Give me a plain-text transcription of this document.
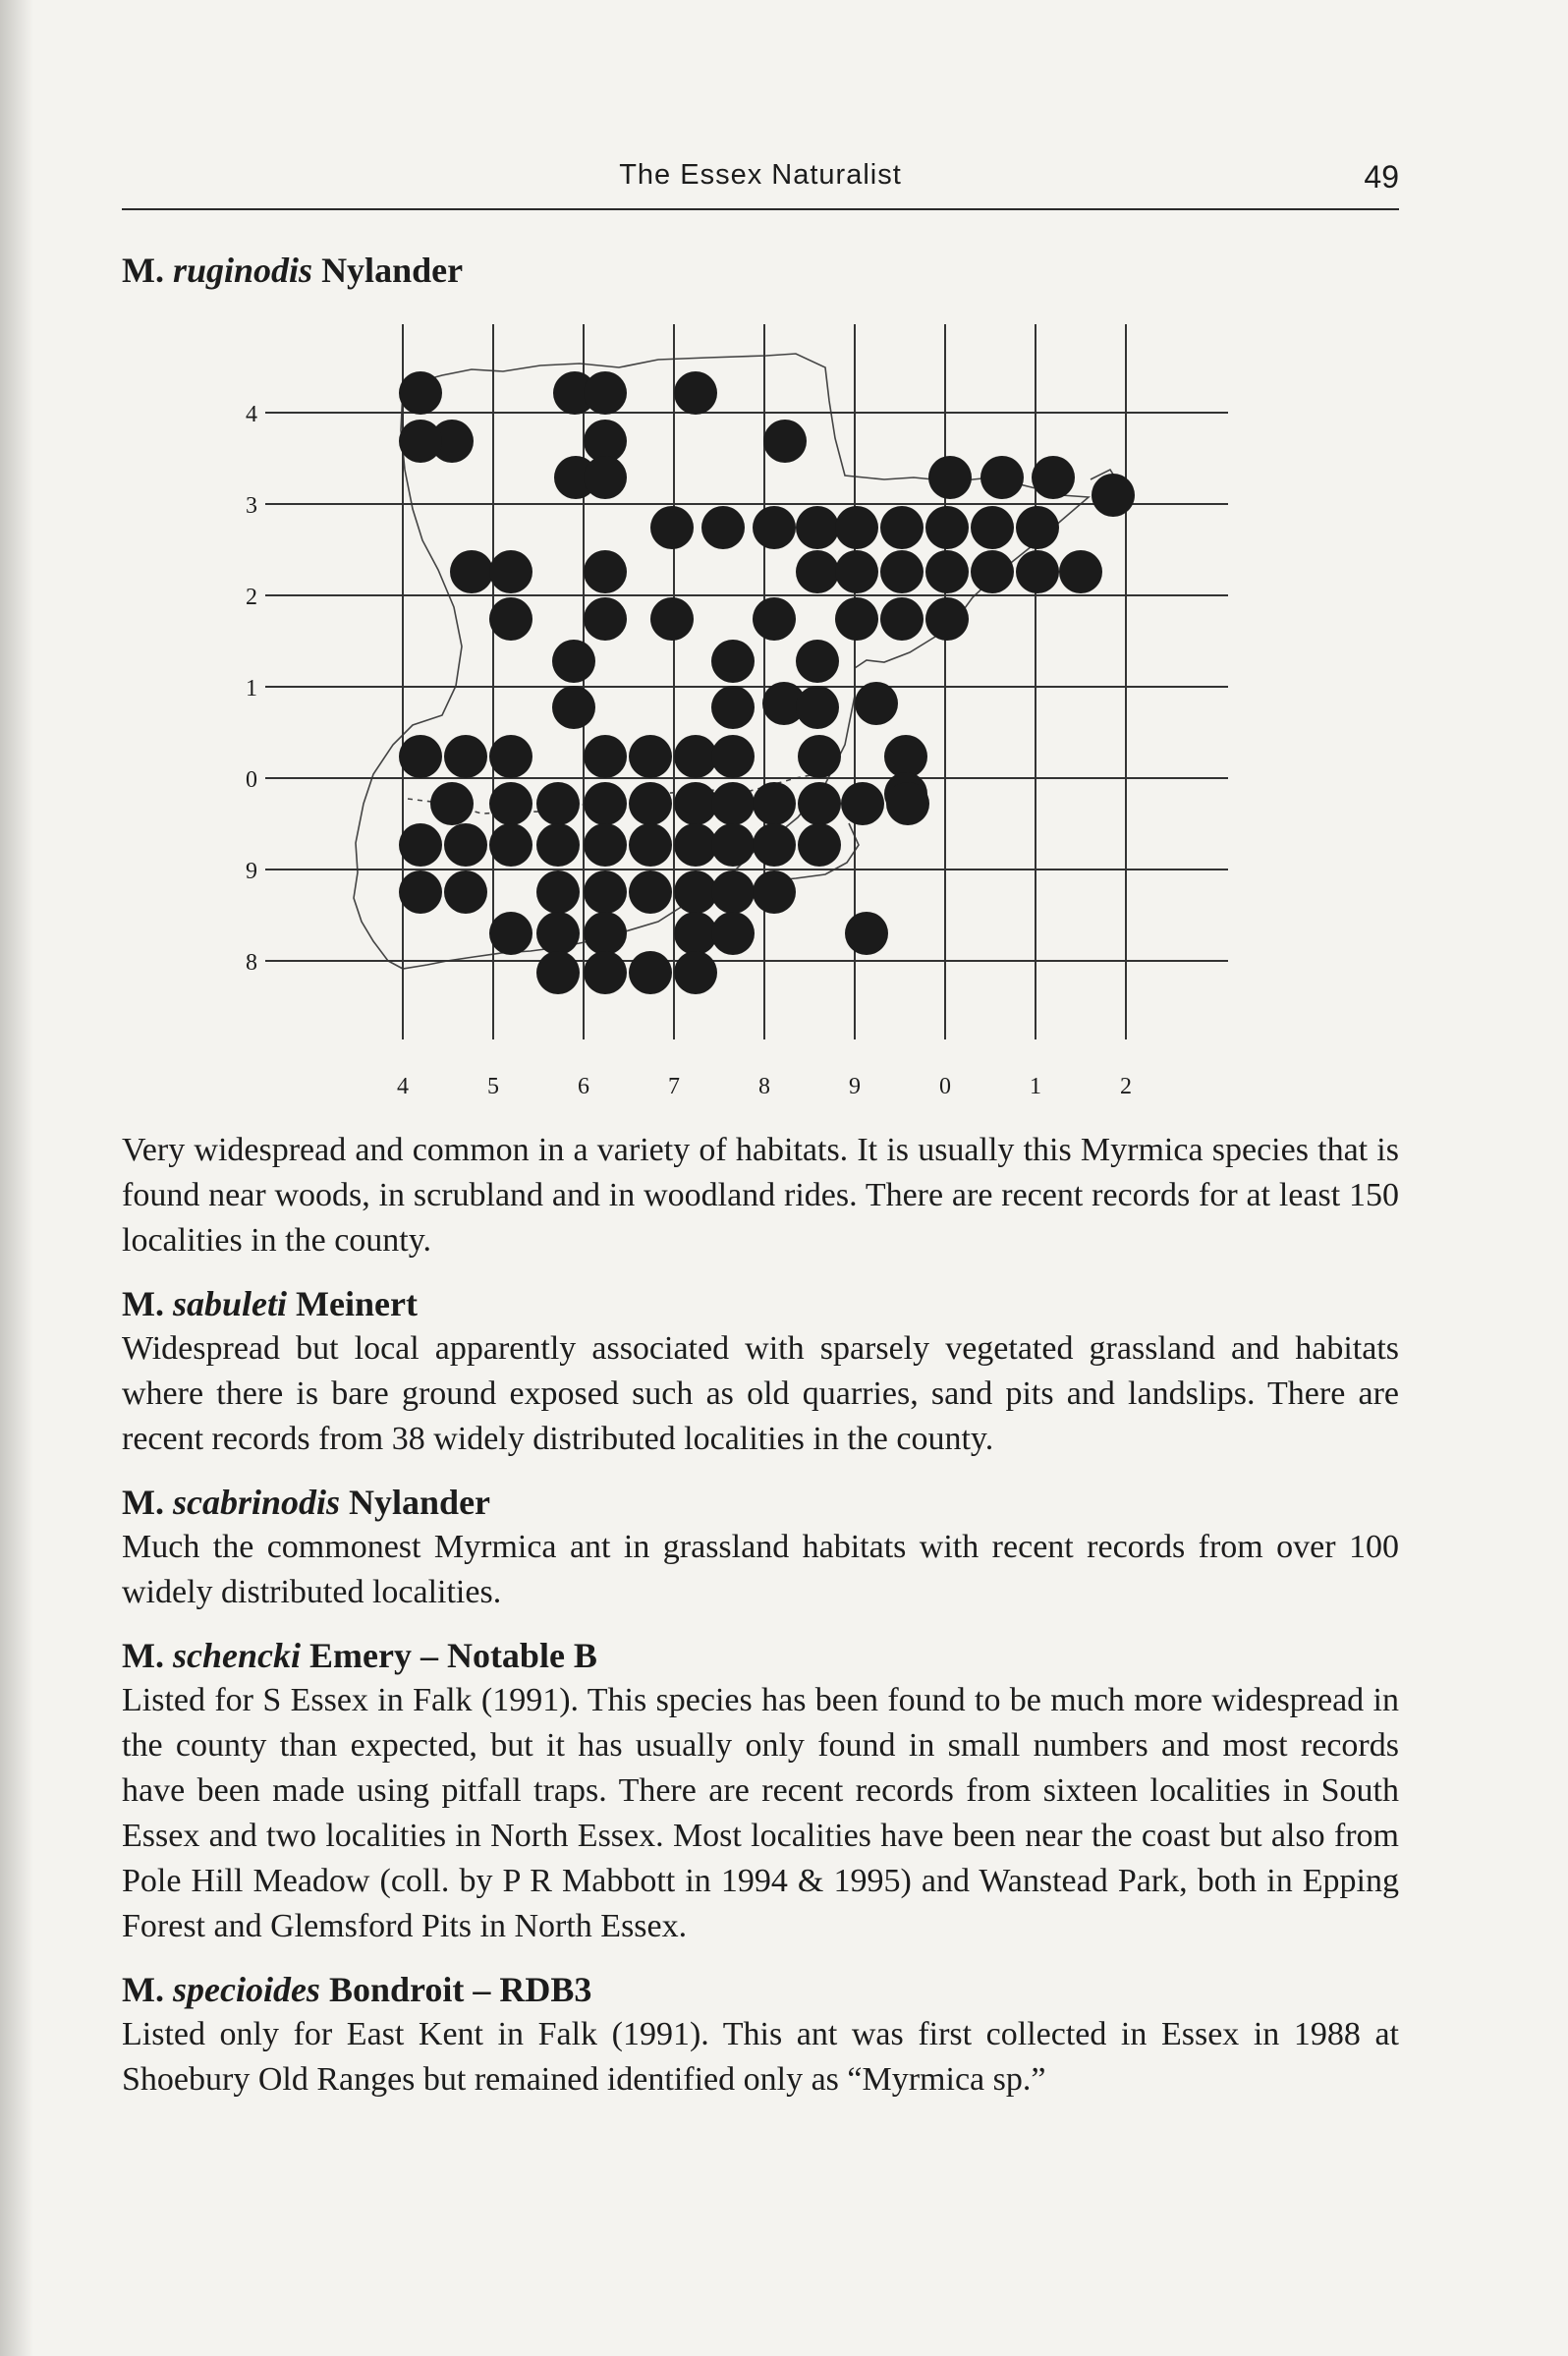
The Essex Naturalist	49
M. ruginodis Nylander
4
3
2
1
0
9
8
4	5	6	7	8	9	0	1	2

Very widespread and common in a variety of habitats. It is usually this Myrmica species that is found near woods, in scrubland and in woodland rides. There are recent records for at least 150 localities in the county.

M. sabuleti Meinert

Widespread but local apparently associated with sparsely vegetated grassland and habitats where there is bare ground exposed such as old quarries, sand pits and landslips. There are recent records from 38 widely distributed localities in the county.

M. scabrinodis Nylander

Much the commonest Myrmica ant in grassland habitats with recent records from over 100 widely distributed localities.

M. schencki Emery – Notable B

Listed for S Essex in Falk (1991). This species has been found to be much more widespread in the county than expected, but it has usually only found in small numbers and most records have been made using pitfall traps. There are recent records from sixteen localities in South Essex and two localities in North Essex. Most localities have been near the coast but also from Pole Hill Meadow (coll. by P R Mabbott in 1994 & 1995) and Wanstead Park, both in Epping Forest and Glemsford Pits in North Essex.

M. specioides Bondroit – RDB3

Listed only for East Kent in Falk (1991). This ant was first collected in Essex in 1988 at Shoebury Old Ranges but remained identified only as “Myrmica sp.”
